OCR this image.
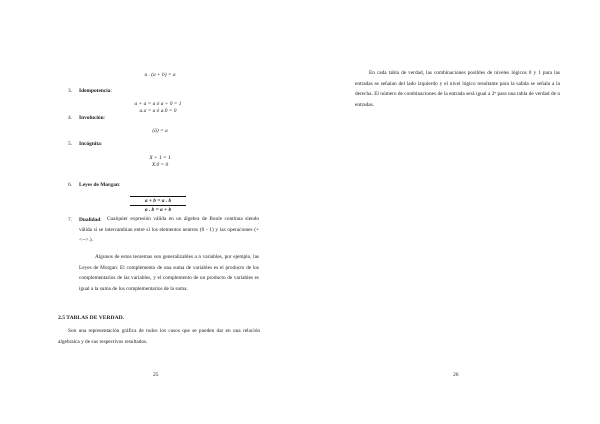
a . (a + b) = a
3. Idempotencia:
a + a = a ó a + 0 = 1
a.a = a ó a.0 = 0
4. Involución:
(ā) = a
5. Incógnita:
X + 1 = 1
X.0 = 0
6. Leyes de Morgan:
a + b = a . b
a . b = a + b
7. Dualidad: Cualquier expresión válida en un álgebra de Boole continua siendo válida si se intercambian entre sí los elementos neutros (0 - 1) y las operaciones (+ <-->.).
Algunos de estos teoremas son generalizables a n variables, por ejemplo, las Leyes de Morgan: El complemento de una suma de variables es el producto de los complementarios de las variables, y el complemento de un producto de variables es igual a la suma de los complementarios de la suma.
2.5 TABLAS DE VERDAD.
Son una representación gráfica de todos los casos que se pueden dar en una relación algebraica y de sus respectivos resultados.
25
En cada tabla de verdad, las combinaciones posibles de niveles lógicos 0 y 1 para las entradas se señalan del lado izquierdo y el nivel lógico resultante para la salida se señala a la derecha. El número de combinaciones de la entrada será igual a 2ⁿ para una tabla de verdad de n entradas.
26
